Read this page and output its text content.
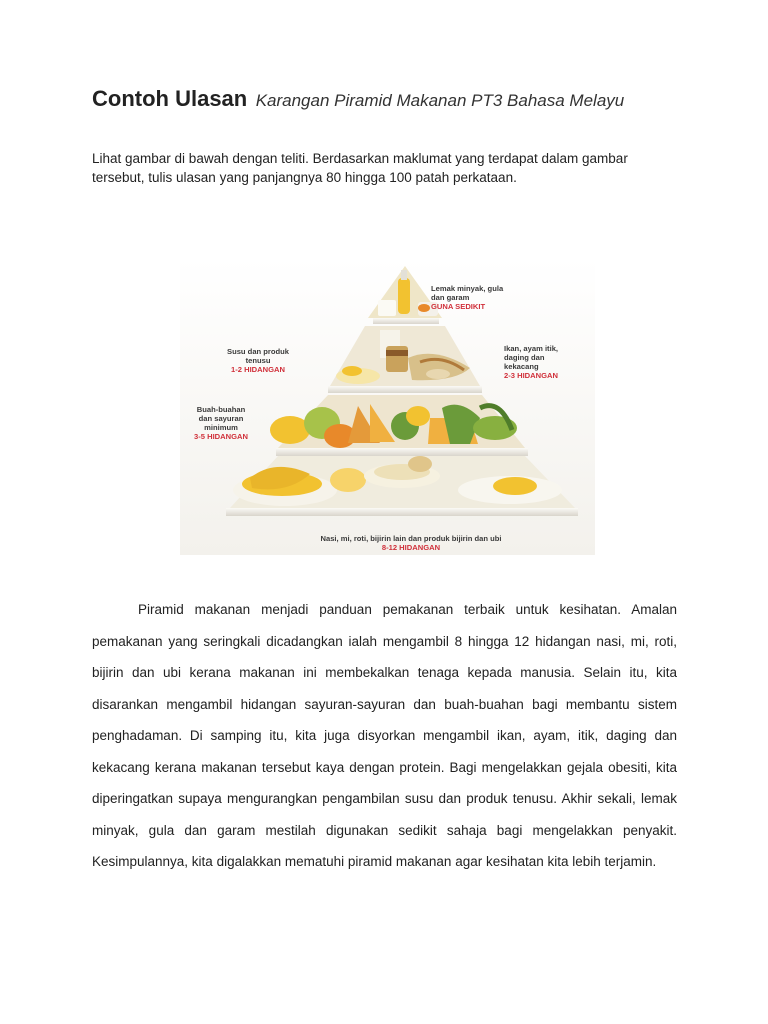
Contoh Ulasan Karangan Piramid Makanan PT3 Bahasa Melayu
Lihat gambar di bawah dengan teliti. Berdasarkan maklumat yang terdapat dalam gambar tersebut, tulis ulasan yang panjangnya 80 hingga 100 patah perkataan.
Lemak minyak, gula
dan garam
GUNA SEDIKIT
Susu dan produk
tenusu
1-2 HIDANGAN
Ikan, ayam itik,
daging dan
kekacang
2-3 HIDANGAN
Buah-buahan
dan sayuran
minimum
3-5 HIDANGAN
Nasi, mi, roti, bijirin lain dan produk bijirin dan ubi
8-12 HIDANGAN

Piramid makanan menjadi panduan pemakanan terbaik untuk kesihatan. Amalan pemakanan yang seringkali dicadangkan ialah mengambil 8 hingga 12 hidangan nasi, mi, roti, bijirin dan ubi kerana makanan ini membekalkan tenaga kepada manusia. Selain itu, kita disarankan mengambil hidangan sayuran-sayuran dan buah-buahan bagi membantu sistem penghadaman. Di samping itu, kita juga disyorkan mengambil ikan, ayam, itik, daging dan kekacang kerana makanan tersebut kaya dengan protein. Bagi mengelakkan gejala obesiti, kita diperingatkan supaya mengurangkan pengambilan susu dan produk tenusu. Akhir sekali, lemak minyak, gula dan garam mestilah digunakan sedikit sahaja bagi mengelakkan penyakit. Kesimpulannya, kita digalakkan mematuhi piramid makanan agar kesihatan kita lebih terjamin.
